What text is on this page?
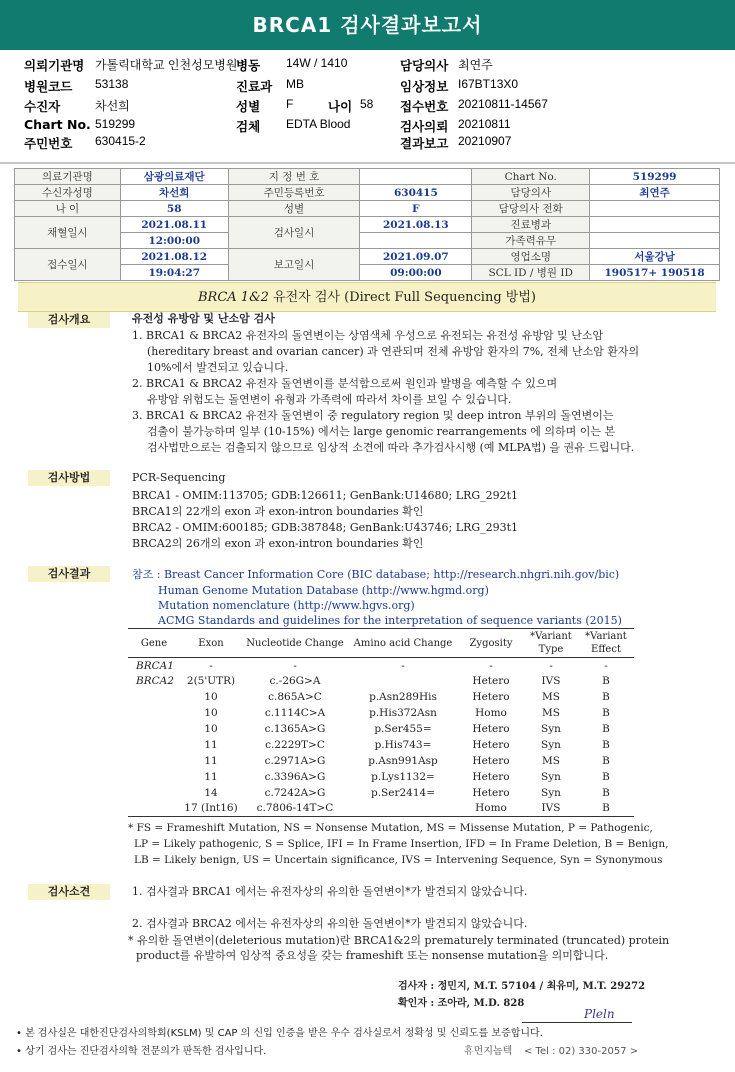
BRCA1 검사결과보고서
의뢰기관명 가톨릭대학교 인천성모병원
병동 14W / 1410	담당의사 최연주
병원코드 53138	진료과 MB	임상정보 I67BT13X0
수진자	차선희	성별 F	나이 58 접수번호 20210811-14567
Chart No. 519299	검체 EDTA Blood	검사의뢰 20210811
주민번호 630415-2	결과보고 20210907
의료기관명	삼광의료재단	지 정 번 호		Chart No.	519299
수신자성명	차선희	주민등록번호	630415	담당의사	최연주
나 이	58	성별	F	담당의사 전화	
채혈일시	2021.08.11	검사일시	2021.08.13	진료병과	
	12:00:00			가족력유무	
접수일시	2021.08.12	보고일시	2021.09.07	영업소명	서울강남
	19:04:27		09:00:00	SCL ID / 병원 ID	190517+ 190518
BRCA 1&2 유전자 검사 (Direct Full Sequencing 방법)
검사개요	유전성 유방암 및 난소암 검사
1. BRCA1 & BRCA2 유전자의 돌연변이는 상염색체 우성으로 유전되는 유전성 유방암 및 난소암
(hereditary breast and ovarian cancer) 과 연관되며 전체 유방암 환자의 7%, 전체 난소암 환자의
10%에서 발견되고 있습니다.
2. BRCA1 & BRCA2 유전자 돌연변이를 분석함으로써 원인과 발병을 예측할 수 있으며
유방암 위험도는 돌연변이 유형과 가족력에 따라서 차이를 보일 수 있습니다.
3. BRCA1 & BRCA2 유전자 돌연변이 중 regulatory region 및 deep intron 부위의 돌연변이는
검출이 불가능하며 일부 (10-15%) 에서는 large genomic rearrangements 에 의하며 이는 본
검사법만으로는 검출되지 않으므로 임상적 소견에 따라 추가검사시행 (예 MLPA법) 을 권유 드립니다.
검사방법	PCR-Sequencing
BRCA1 - OMIM:113705; GDB:126611; GenBank:U14680; LRG_292t1
BRCA1의 22개의 exon 과 exon-intron boundaries 확인
BRCA2 - OMIM:600185; GDB:387848; GenBank:U43746; LRG_293t1
BRCA2의 26개의 exon 과 exon-intron boundaries 확인
검사결과	참조 : Breast Cancer Information Core (BIC database; http://research.nhgri.nih.gov/bic)
Human Genome Mutation Database (http://www.hgmd.org)
Mutation nomenclature (http://www.hgvs.org)
ACMG Standards and guidelines for the interpretation of sequence variants (2015)
Gene	Exon	Nucleotide Change	Amino acid Change	Zygosity	*Variant Type	*Variant Effect
BRCA1	-	-	-	-	-	-
BRCA2	2(5'UTR)	c.-26G>A		Hetero	IVS	B
	10	c.865A>C	p.Asn289His	Hetero	MS	B
	10	c.1114C>A	p.His372Asn	Homo	MS	B
	10	c.1365A>G	p.Ser455=	Hetero	Syn	B
	11	c.2229T>C	p.His743=	Hetero	Syn	B
	11	c.2971A>G	p.Asn991Asp	Hetero	MS	B
	11	c.3396A>G	p.Lys1132=	Hetero	Syn	B
	14	c.7242A>G	p.Ser2414=	Hetero	Syn	B
	17 (Int16)	c.7806-14T>C		Homo	IVS	B
* FS = Frameshift Mutation, NS = Nonsense Mutation, MS = Missense Mutation, P = Pathogenic,
LP = Likely pathogenic, S = Splice, IFI = In Frame Insertion, IFD = In Frame Deletion, B = Benign,
LB = Likely benign, US = Uncertain significance, IVS = Intervening Sequence, Syn = Synonymous
검사소견	1. 검사결과 BRCA1 에서는 유전자상의 유의한 돌연변이*가 발견되지 않았습니다.
2. 검사결과 BRCA2 에서는 유전자상의 유의한 돌연변이*가 발견되지 않았습니다.
* 유의한 돌연변이(deleterious mutation)란 BRCA1&2의 prematurely terminated (truncated) protein
product를 유발하여 임상적 중요성을 갖는 frameshift 또는 nonsense mutation을 의미합니다.
검사자 : 정민지, M.T. 57104 / 최유미, M.T. 29272
확인자 : 조아라, M.D. 828
Pleln
• 본 검사실은 대한진단검사의학회(KSLM) 및 CAP 의 신입 인증을 받은 우수 검사실로서 정확성 및 신뢰도를 보증합니다.
• 상기 검사는 진단검사의학 전문의가 판독한 검사입니다.	휴먼지놈텍 < Tel : 02) 330-2057 >
